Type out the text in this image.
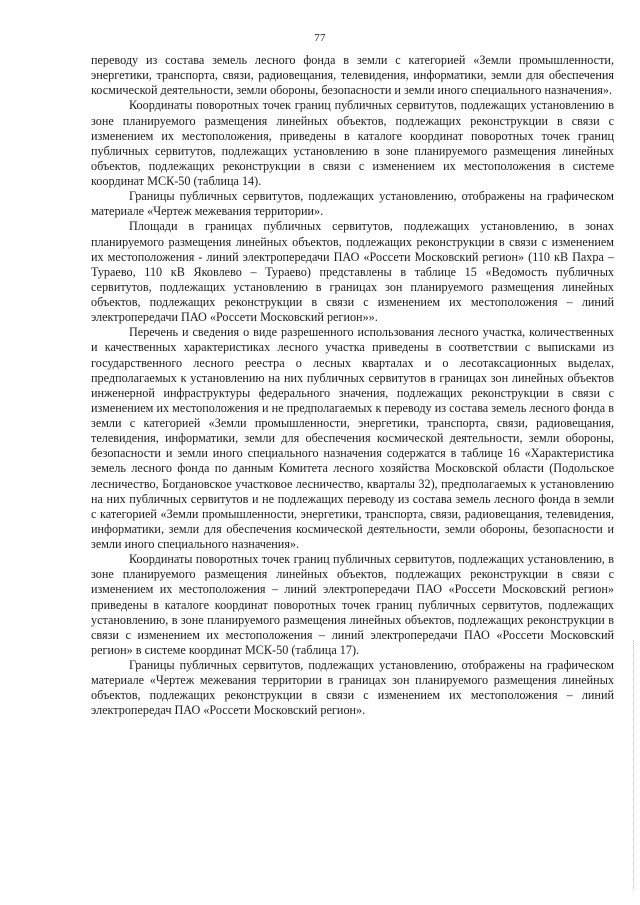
77

переводу из состава земель лесного фонда в земли с категорией «Земли промышленности, энергетики, транспорта, связи, радиовещания, телевидения, информатики, земли для обеспечения космической деятельности, земли обороны, безопасности и земли иного специального назначения».

Координаты поворотных точек границ публичных сервитутов, подлежащих установлению в зоне планируемого размещения линейных объектов, подлежащих реконструкции в связи с изменением их местоположения, приведены в каталоге координат поворотных точек границ публичных сервитутов, подлежащих установлению в зоне планируемого размещения линейных объектов, подлежащих реконструкции в связи с изменением их местоположения в системе координат МСК-50 (таблица 14).

Границы публичных сервитутов, подлежащих установлению, отображены на графическом материале «Чертеж межевания территории».

Площади в границах публичных сервитутов, подлежащих установлению, в зонах планируемого размещения линейных объектов, подлежащих реконструкции в связи с изменением их местоположения - линий электропередачи ПАО «Россети Московский регион» (110 кВ Пахра – Тураево, 110 кВ Яковлево – Тураево) представлены в таблице 15 «Ведомость публичных сервитутов, подлежащих установлению в границах зон планируемого размещения линейных объектов, подлежащих реконструкции в связи с изменением их местоположения – линий электропередачи ПАО «Россети Московский регион»».

Перечень и сведения о виде разрешенного использования лесного участка, количественных и качественных характеристиках лесного участка приведены в соответствии с выписками из государственного лесного реестра о лесных кварталах и о лесотаксационных выделах, предполагаемых к установлению на них публичных сервитутов в границах зон линейных объектов инженерной инфраструктуры федерального значения, подлежащих реконструкции в связи с изменением их местоположения и не предполагаемых к переводу из состава земель лесного фонда в земли с категорией «Земли промышленности, энергетики, транспорта, связи, радиовещания, телевидения, информатики, земли для обеспечения космической деятельности, земли обороны, безопасности и земли иного специального назначения содержатся в таблице 16 «Характеристика земель лесного фонда по данным Комитета лесного хозяйства Московской области (Подольское лесничество, Богдановское участковое лесничество, кварталы 32), предполагаемых к установлению на них публичных сервитутов и не подлежащих переводу из состава земель лесного фонда в земли с категорией «Земли промышленности, энергетики, транспорта, связи, радиовещания, телевидения, информатики, земли для обеспечения космической деятельности, земли обороны, безопасности и земли иного специального назначения».

Координаты поворотных точек границ публичных сервитутов, подлежащих установлению, в зоне планируемого размещения линейных объектов, подлежащих реконструкции в связи с изменением их местоположения – линий электропередачи ПАО «Россети Московский регион» приведены в каталоге координат поворотных точек границ публичных сервитутов, подлежащих установлению, в зоне планируемого размещения линейных объектов, подлежащих реконструкции в связи с изменением их местоположения – линий электропередачи ПАО «Россети Московский регион» в системе координат МСК-50 (таблица 17).

Границы публичных сервитутов, подлежащих установлению, отображены на графическом материале «Чертеж межевания территории в границах зон планируемого размещения линейных объектов, подлежащих реконструкции в связи с изменением их местоположения – линий электропередач ПАО «Россети Московский регион».
